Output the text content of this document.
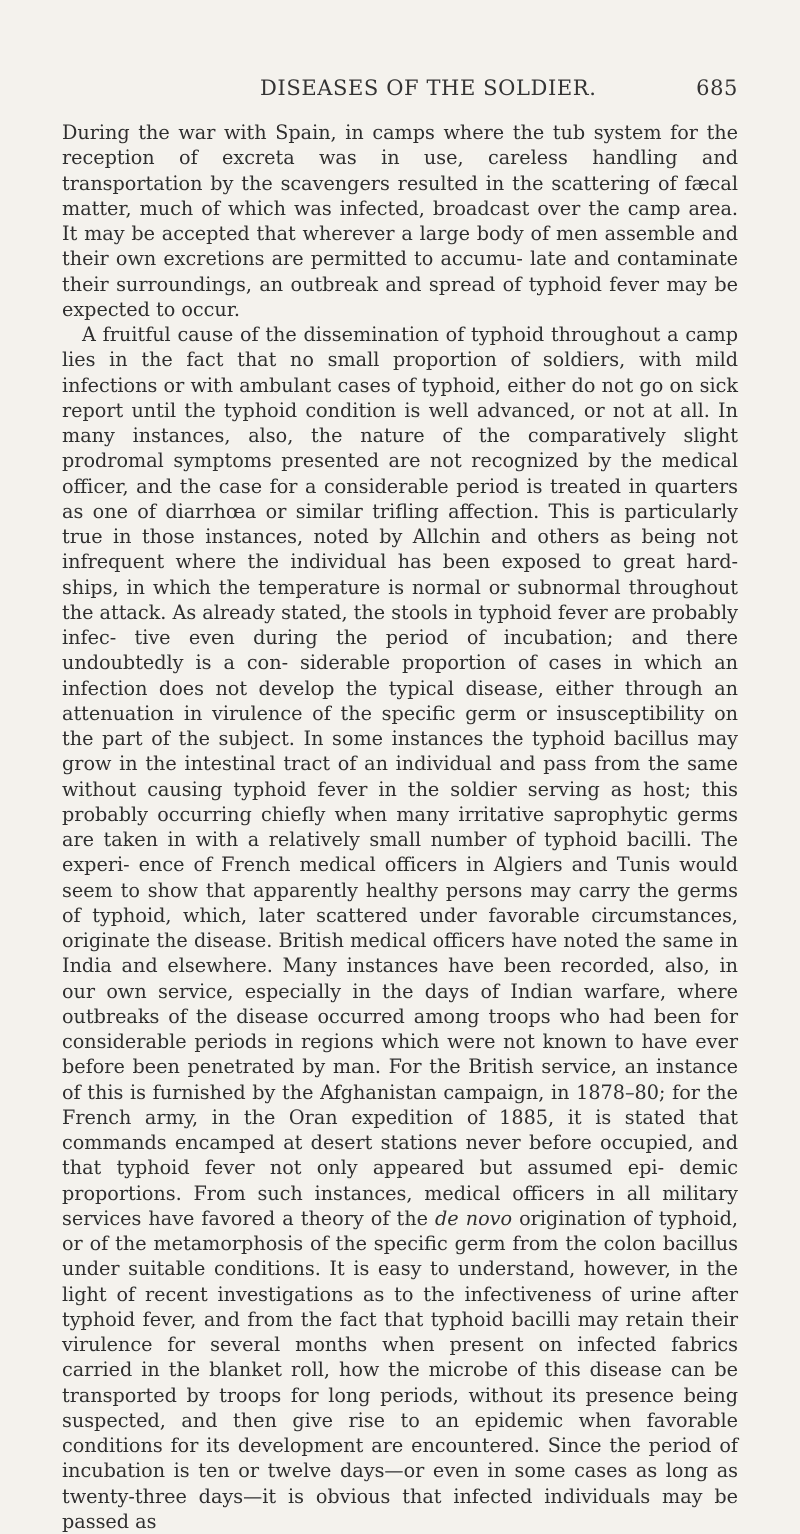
DISEASES OF THE SOLDIER.	685

During the war with Spain, in camps where the tub system for the reception of excreta was in use, careless handling and transportation by the scavengers resulted in the scattering of fæcal matter, much of which was infected, broadcast over the camp area. It may be accepted that wherever a large body of men assemble and their own excretions are permitted to accumu- late and contaminate their surroundings, an outbreak and spread of typhoid fever may be expected to occur.

A fruitful cause of the dissemination of typhoid throughout a camp lies in the fact that no small proportion of soldiers, with mild infections or with ambulant cases of typhoid, either do not go on sick report until the typhoid condition is well advanced, or not at all. In many instances, also, the nature of the comparatively slight prodromal symptoms presented are not recognized by the medical officer, and the case for a considerable period is treated in quarters as one of diarrhœa or similar trifling affection. This is particularly true in those instances, noted by Allchin and others as being not infrequent where the individual has been exposed to great hard- ships, in which the temperature is normal or subnormal throughout the attack. As already stated, the stools in typhoid fever are probably infec- tive even during the period of incubation; and there undoubtedly is a con- siderable proportion of cases in which an infection does not develop the typical disease, either through an attenuation in virulence of the specific germ or insusceptibility on the part of the subject. In some instances the typhoid bacillus may grow in the intestinal tract of an individual and pass from the same without causing typhoid fever in the soldier serving as host; this probably occurring chiefly when many irritative saprophytic germs are taken in with a relatively small number of typhoid bacilli. The experi- ence of French medical officers in Algiers and Tunis would seem to show that apparently healthy persons may carry the germs of typhoid, which, later scattered under favorable circumstances, originate the disease. British medical officers have noted the same in India and elsewhere. Many instances have been recorded, also, in our own service, especially in the days of Indian warfare, where outbreaks of the disease occurred among troops who had been for considerable periods in regions which were not known to have ever before been penetrated by man. For the British service, an instance of this is furnished by the Afghanistan campaign, in 1878–80; for the French army, in the Oran expedition of 1885, it is stated that commands encamped at desert stations never before occupied, and that typhoid fever not only appeared but assumed epi- demic proportions. From such instances, medical officers in all military services have favored a theory of the de novo origination of typhoid, or of the metamorphosis of the specific germ from the colon bacillus under suitable conditions. It is easy to understand, however, in the light of recent investigations as to the infectiveness of urine after typhoid fever, and from the fact that typhoid bacilli may retain their virulence for several months when present on infected fabrics carried in the blanket roll, how the microbe of this disease can be transported by troops for long periods, without its presence being suspected, and then give rise to an epidemic when favorable conditions for its development are encountered. Since the period of incubation is ten or twelve days—or even in some cases as long as twenty-three days—it is obvious that infected individuals may be passed as
